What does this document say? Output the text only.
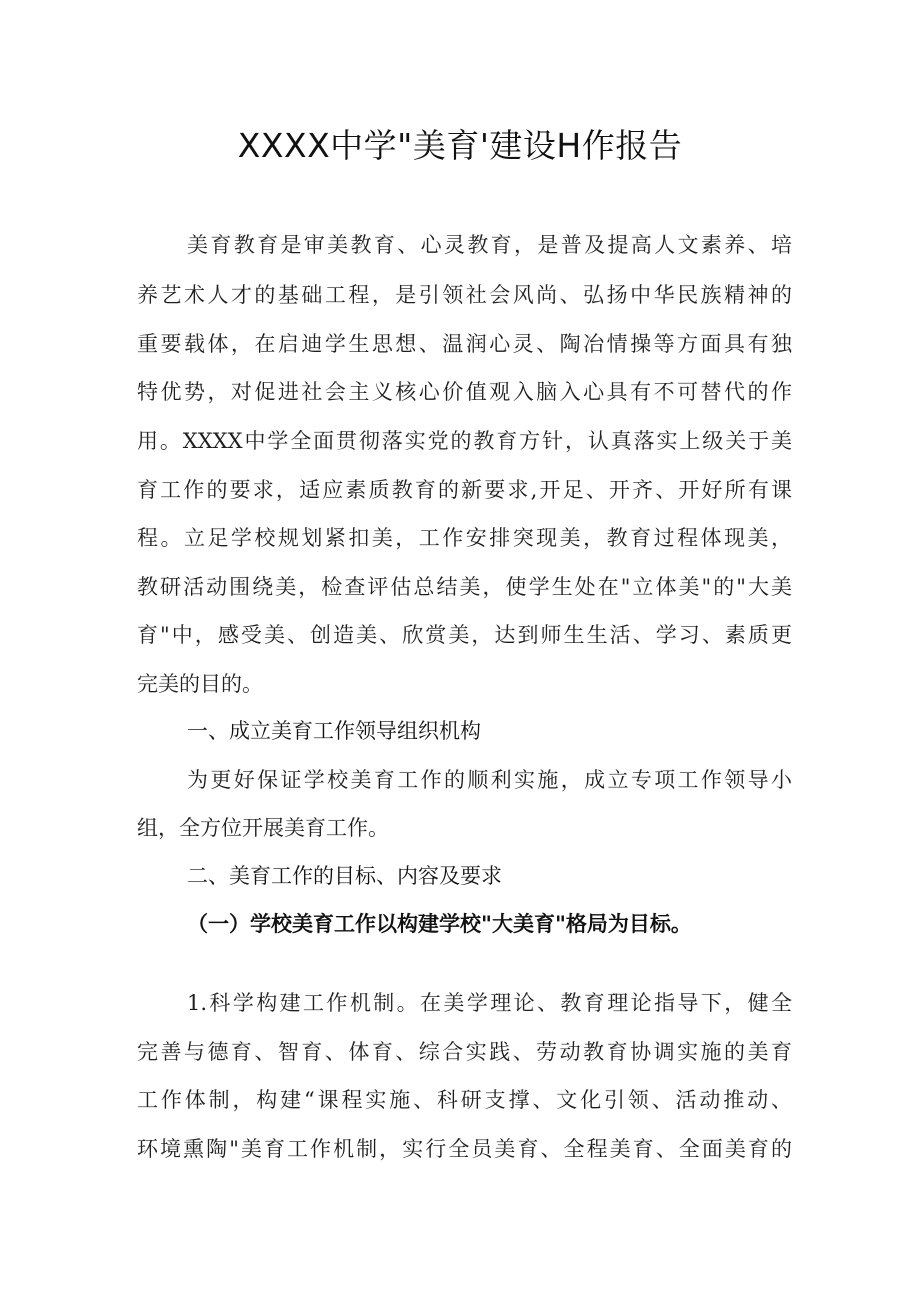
XXXX中学"美育'建设H作报告

美育教育是审美教育、心灵教育，是普及提高人文素养、培

养艺术人才的基础工程，是引领社会风尚、弘扬中华民族精神的

重要载体，在启迪学生思想、温润心灵、陶冶情操等方面具有独

特优势，对促进社会主义核心价值观入脑入心具有不可替代的作

用。XXXX中学全面贯彻落实党的教育方针，认真落实上级关于美

育工作的要求，适应素质教育的新要求,开足、开齐、开好所有课

程。立足学校规划紧扣美，工作安排突现美，教育过程体现美，

教研活动围绕美，检查评估总结美，使学生处在"立体美"的"大美

育"中，感受美、创造美、欣赏美，达到师生生活、学习、素质更

完美的目的。

一、成立美育工作领导组织机构

为更好保证学校美育工作的顺利实施，成立专项工作领导小

组，全方位开展美育工作。

二、美育工作的目标、内容及要求
（一）学校美育工作以构建学校"大美育"格局为目标。

1.科学构建工作机制。在美学理论、教育理论指导下，健全

完善与德育、智育、体育、综合实践、劳动教育协调实施的美育

工作体制，构建“课程实施、科研支撑、文化引领、活动推动、

环境熏陶"美育工作机制，实行全员美育、全程美育、全面美育的
